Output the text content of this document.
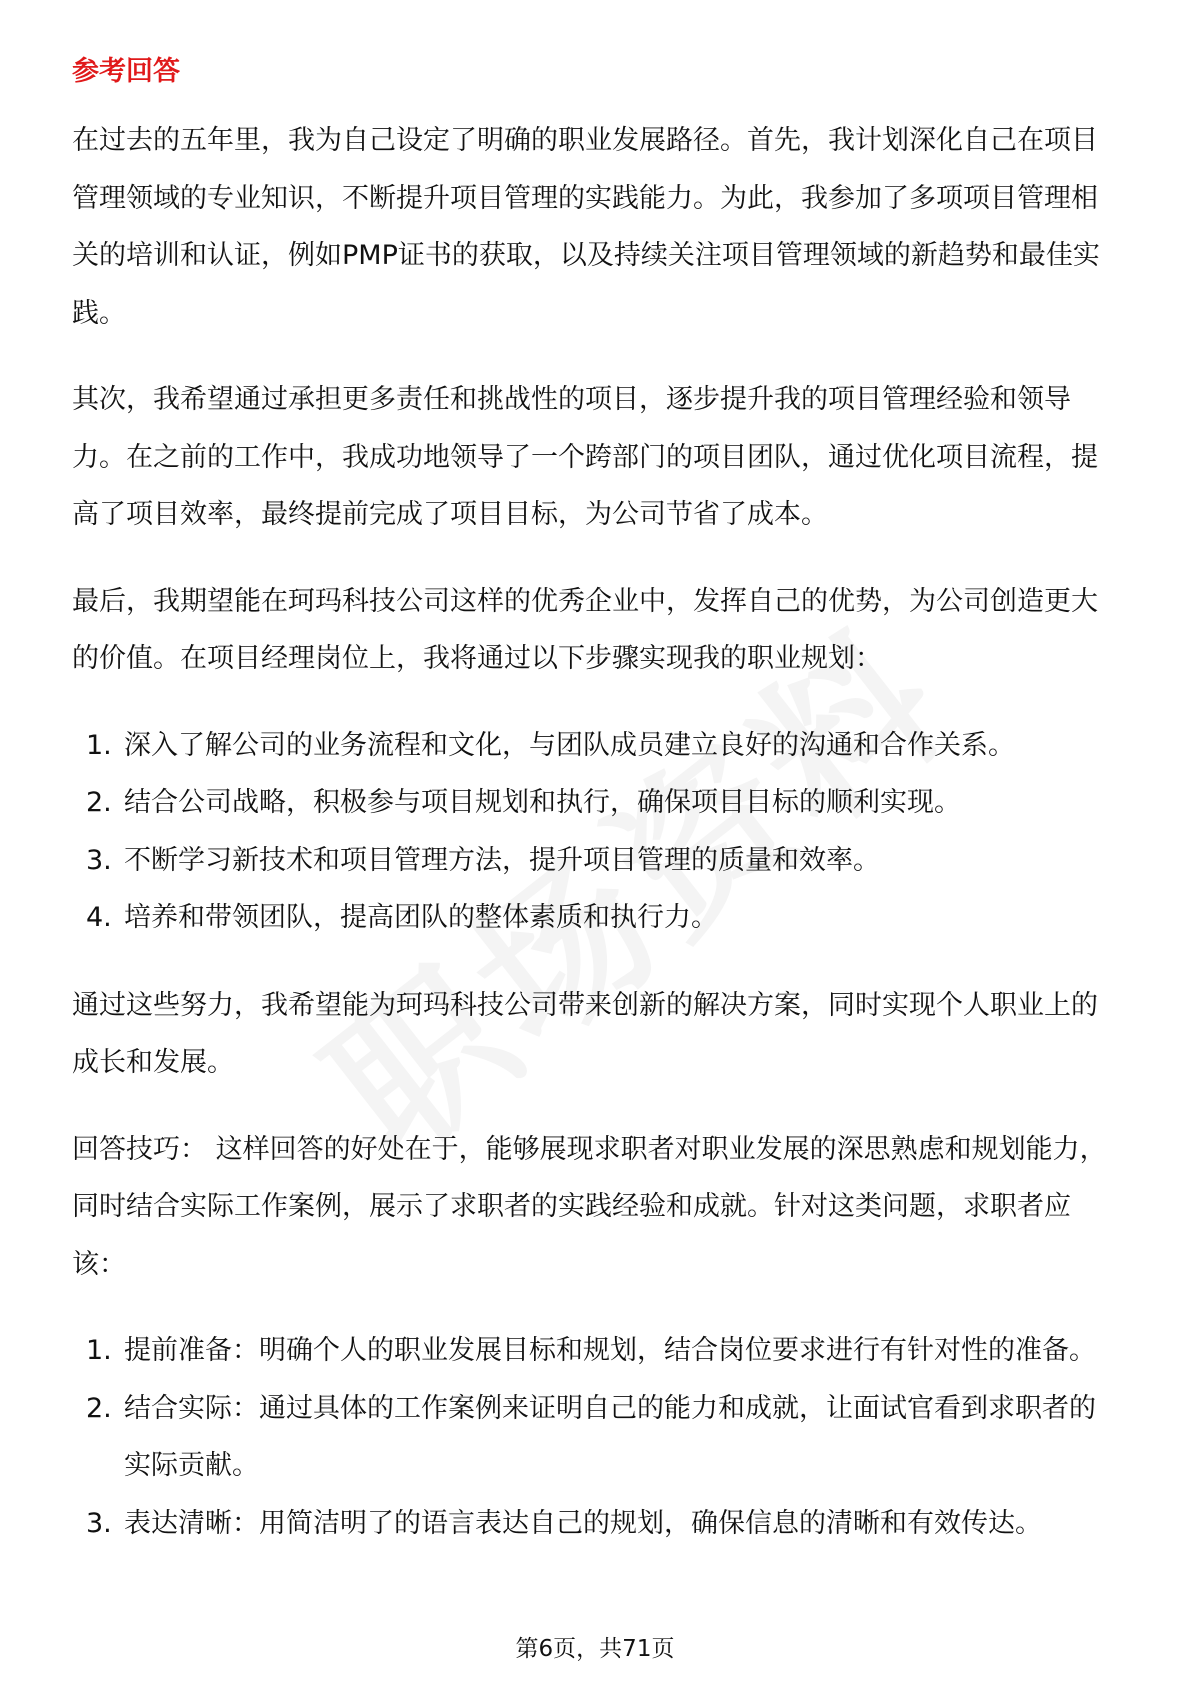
参考回答

在过去的五年里，我为自己设定了明确的职业发展路径。首先，我计划深化自己在项目管理领域的专业知识，不断提升项目管理的实践能力。为此，我参加了多项项目管理相关的培训和认证，例如PMP证书的获取，以及持续关注项目管理领域的新趋势和最佳实践。

其次，我希望通过承担更多责任和挑战性的项目，逐步提升我的项目管理经验和领导力。在之前的工作中，我成功地领导了一个跨部门的项目团队，通过优化项目流程，提高了项目效率，最终提前完成了项目目标，为公司节省了成本。

最后，我期望能在珂玛科技公司这样的优秀企业中，发挥自己的优势，为公司创造更大的价值。在项目经理岗位上，我将通过以下步骤实现我的职业规划：

1. 深入了解公司的业务流程和文化，与团队成员建立良好的沟通和合作关系。
2. 结合公司战略，积极参与项目规划和执行，确保项目目标的顺利实现。
3. 不断学习新技术和项目管理方法，提升项目管理的质量和效率。
4. 培养和带领团队，提高团队的整体素质和执行力。

通过这些努力，我希望能为珂玛科技公司带来创新的解决方案，同时实现个人职业上的成长和发展。

回答技巧： 这样回答的好处在于，能够展现求职者对职业发展的深思熟虑和规划能力，同时结合实际工作案例，展示了求职者的实践经验和成就。针对这类问题，求职者应该：

1. 提前准备：明确个人的职业发展目标和规划，结合岗位要求进行有针对性的准备。
2. 结合实际：通过具体的工作案例来证明自己的能力和成就，让面试官看到求职者的实际贡献。
3. 表达清晰：用简洁明了的语言表达自己的规划，确保信息的清晰和有效传达。
第6页，共71页
